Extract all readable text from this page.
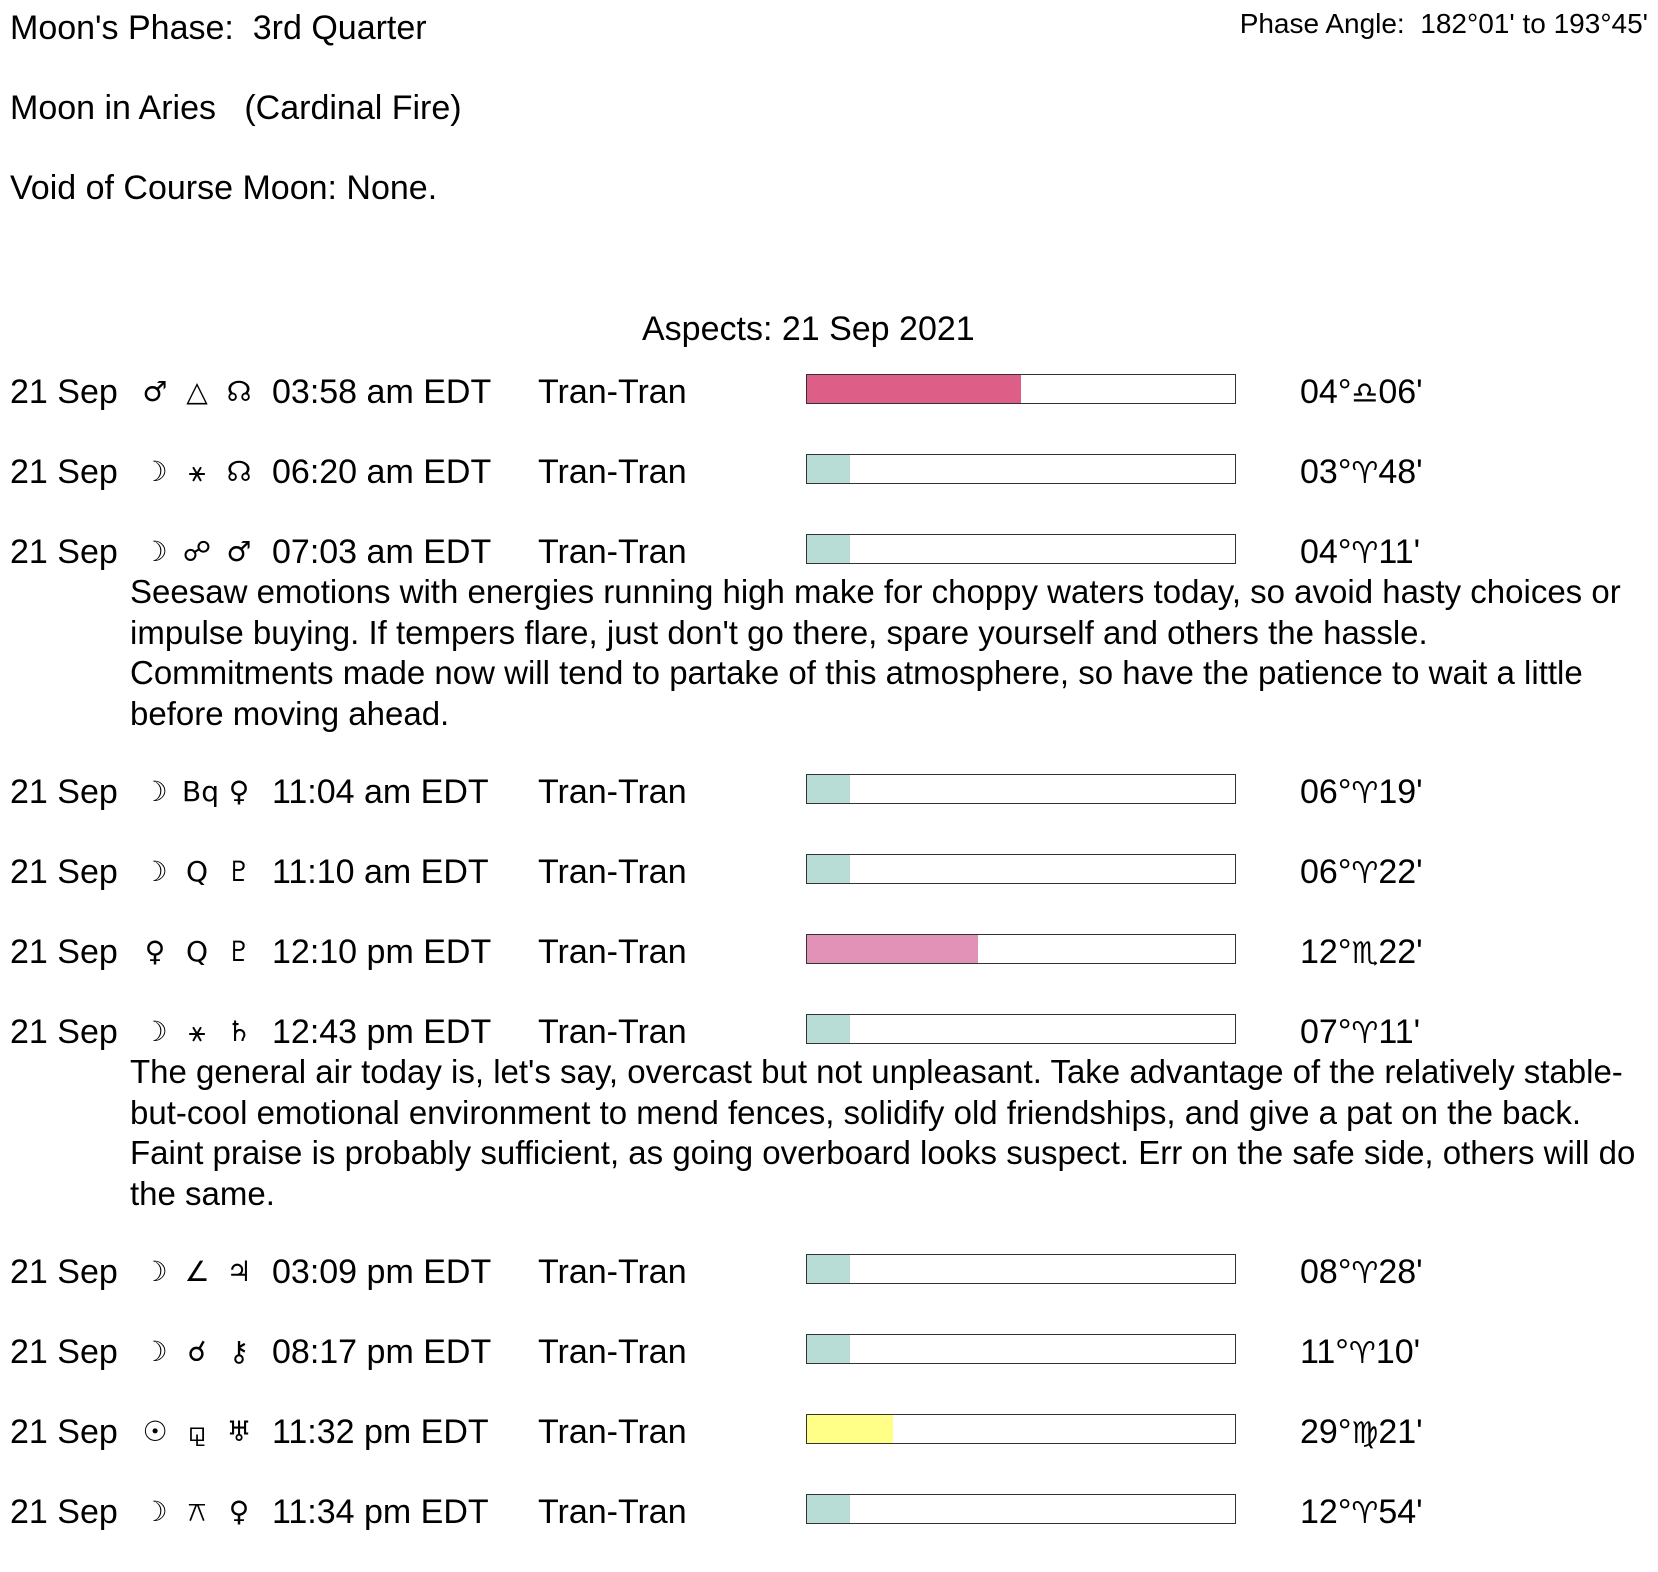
Moon's Phase: 3rd Quarter	Phase Angle: 182°01' to 193°45'
Moon in Aries (Cardinal Fire)
Void of Course Moon: None.
Aspects: 21 Sep 2021
21 Sep ♂ △ ☊ 03:58 am EDT Tran-Tran	04°♎06'
21 Sep ☽ ⚹ ☊ 06:20 am EDT Tran-Tran	03°♈48'
21 Sep ☽ ☍ ♂ 07:03 am EDT Tran-Tran	04°♈11'

Seesaw emotions with energies running high make for choppy waters today, so avoid hasty choices or impulse buying. If tempers flare, just don't go there, spare yourself and others the hassle. Commitments made now will tend to partake of this atmosphere, so have the patience to wait a little before moving ahead.

21 Sep ☽ Bq ♀ 11:04 am EDT Tran-Tran	06°♈19'
21 Sep ☽ Q ♇ 11:10 am EDT Tran-Tran	06°♈22'
21 Sep ♀ Q ♇ 12:10 pm EDT Tran-Tran	12°♏22'
21 Sep ☽ ⚹ ♄ 12:43 pm EDT Tran-Tran	07°♈11'

The general air today is, let's say, overcast but not unpleasant. Take advantage of the relatively stable-but-cool emotional environment to mend fences, solidify old friendships, and give a pat on the back. Faint praise is probably sufficient, as going overboard looks suspect. Err on the safe side, others will do the same.

21 Sep ☽ ∠ ♃ 03:09 pm EDT Tran-Tran	08°♈28'
21 Sep ☽ ☌ ⚷ 08:17 pm EDT Tran-Tran	11°♈10'
21 Sep ☉ ⚼ ♅ 11:32 pm EDT Tran-Tran	29°♍21'
21 Sep ☽ ⚻ ♀ 11:34 pm EDT Tran-Tran	12°♈54'
